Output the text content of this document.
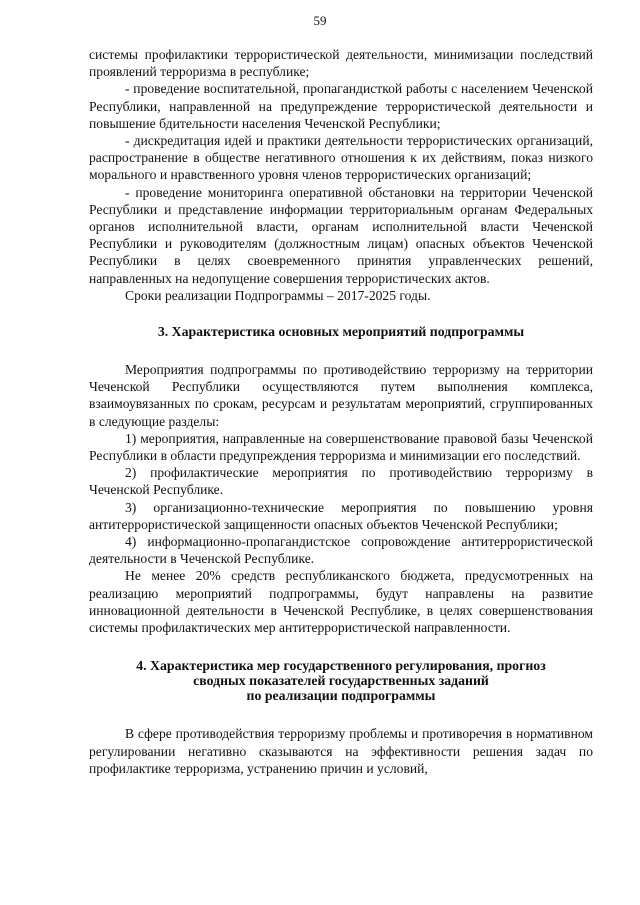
59

системы профилактики террористической деятельности, минимизации последствий проявлений терроризма в республике;

- проведение воспитательной, пропагандисткой работы с населением Чеченской Республики, направленной на предупреждение террористической деятельности и повышение бдительности населения Чеченской Республики;

- дискредитация идей и практики деятельности террористических организаций, распространение в обществе негативного отношения к их действиям, показ низкого морального и нравственного уровня членов террористических организаций;

- проведение мониторинга оперативной обстановки на территории Чеченской Республики и представление информации территориальным органам Федеральных органов исполнительной власти, органам исполнительной власти Чеченской Республики и руководителям (должностным лицам) опасных объектов Чеченской Республики в целях своевременного принятия управленческих решений, направленных на недопущение совершения террористических актов.

Сроки реализации Подпрограммы – 2017-2025 годы.

3. Характеристика основных мероприятий подпрограммы

Мероприятия подпрограммы по противодействию терроризму на территории Чеченской Республики осуществляются путем выполнения комплекса, взаимоувязанных по срокам, ресурсам и результатам мероприятий, сгруппированных в следующие разделы:

1) мероприятия, направленные на совершенствование правовой базы Чеченской Республики в области предупреждения терроризма и минимизации его последствий.

2) профилактические мероприятия по противодействию терроризму в Чеченской Республике.

3) организационно-технические мероприятия по повышению уровня антитеррористической защищенности опасных объектов Чеченской Республики;

4) информационно-пропагандистское сопровождение антитеррористической деятельности в Чеченской Республике.

Не менее 20% средств республиканского бюджета, предусмотренных на реализацию мероприятий подпрограммы, будут направлены на развитие инновационной деятельности в Чеченской Республике, в целях совершенствования системы профилактических мер антитеррористической направленности.

4. Характеристика мер государственного регулирования, прогноз
сводных показателей государственных заданий
по реализации подпрограммы

В сфере противодействия терроризму проблемы и противоречия в нормативном регулировании негативно сказываются на эффективности решения задач по профилактике терроризма, устранению причин и условий,
